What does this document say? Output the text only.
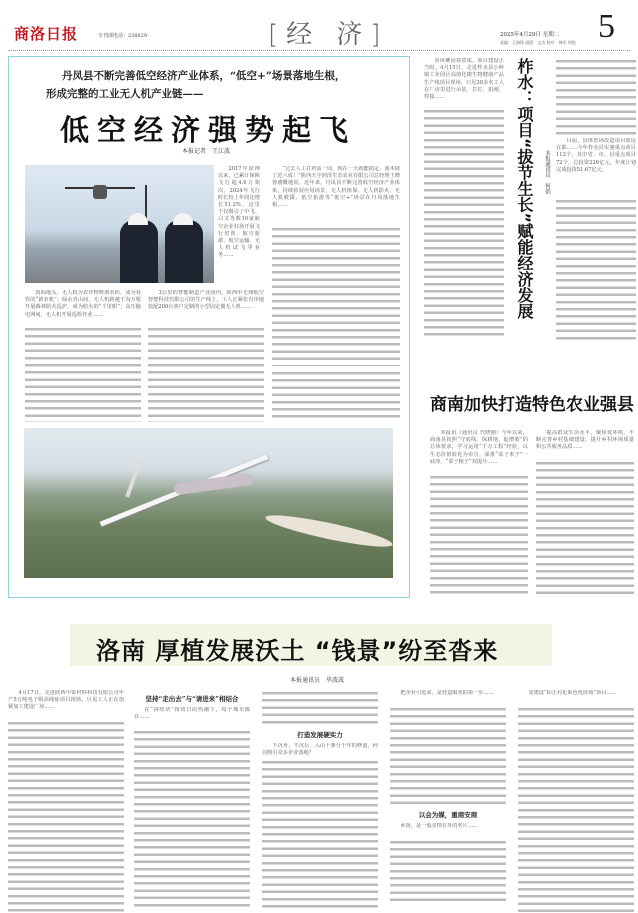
商洛日报	专刊部电话：238829	[经 济]	2025年4月29日 星期二
责编：王海锋 组版：文洁 校对：韩军 明悦 5
丹凤县不断完善低空经济产业体系，“低空+”场景落地生根，
形成完整的工业无人机产业链——
低空经济强势起飞
本报记者　王江波
2017年徐博以来，已累计保障飞行超4.6万架次，2024年飞行时长较上年同比增长51.2%。这里不仅吸引了中飞、白又等数10家航空企业驻场开展飞行培训、航空旅游、航空运输、无人机试飞等业务……
“过去人工打药需一周，现在一天就能搞定，成本降了近六成！”陕西天宇润泽生态农业有限公司总经理王晓蓉感慨地说。近年来，丹凤县不断完善低空经济产业体系，持续拓展应用场景，无人机植保、无人机防火、无人机救援、低空旅游等“低空+”场景在丹凤落地生根……
闾阎地头，无人机为农作物喷洒农药，成为春管的“新农机”；绿水青山间，无人机跨越千沟万壑开展森林防火巡护，成为防火的“千里眼”；高压输电网间，无人机开展巡检作业……
3公里的智能制造产业园内，陕西中无翔航空智能科技有限公司的生产线上，工人正紧张有序地装配200台客户定制的小型固定翼无人机……
春风柳园春意浓，项目建设正当时。4月15日，走进柞水县小岭镇工业园区高值化微生物健康产品生产线项目现场，只见30多名工人在厂房里进行吊装、打钉、扣剐、焊接……	柞水：项目“拔节生长”赋能经济发展	本报通讯员　何娟
目前，县体育场改造项目收尾在即……今年柞水县实施重点项目113个，其中省、市、县重点项目72个，总投资226亿元，年度计划完成投资51.67亿元。
商南加快打造特色农业强县
本报讯（通讯员 代晓刚）今年以来，商南县按照“守底线、保耕地、促增收”的总体要求，学习运用“千万工程”经验，以生态价值转化为牵引，深推“菜子米子”一底座、“菜子粮子”双提升……
提高群众生活水平，聚焦优环境，不断完善乡村基础建设，提升乡村环境质量和公共服务品质……
洛南 厚植发展沃土 “钱景”纷至沓来
本报通讯员　毕波波
4月17日，走进陕西中泰材料科技有限公司年产5万吨电子级高纯硅项目现场，只见工人正在加紧加工建设厂房……
坚持“走出去”与“请进来”相结合
在“拼经济”按钮日的热潮下，每个城市都在……
打造发展硬实力
不沉舟，不沉坛，入山十条分千年的修道，何以吸引众多企业落地？
把企业引进来，是营造服务的第一步……
以会为媒，重商安商
乡贤，是一股亲情在外的名片……
变建设“标正村化系色优征商”项目……
